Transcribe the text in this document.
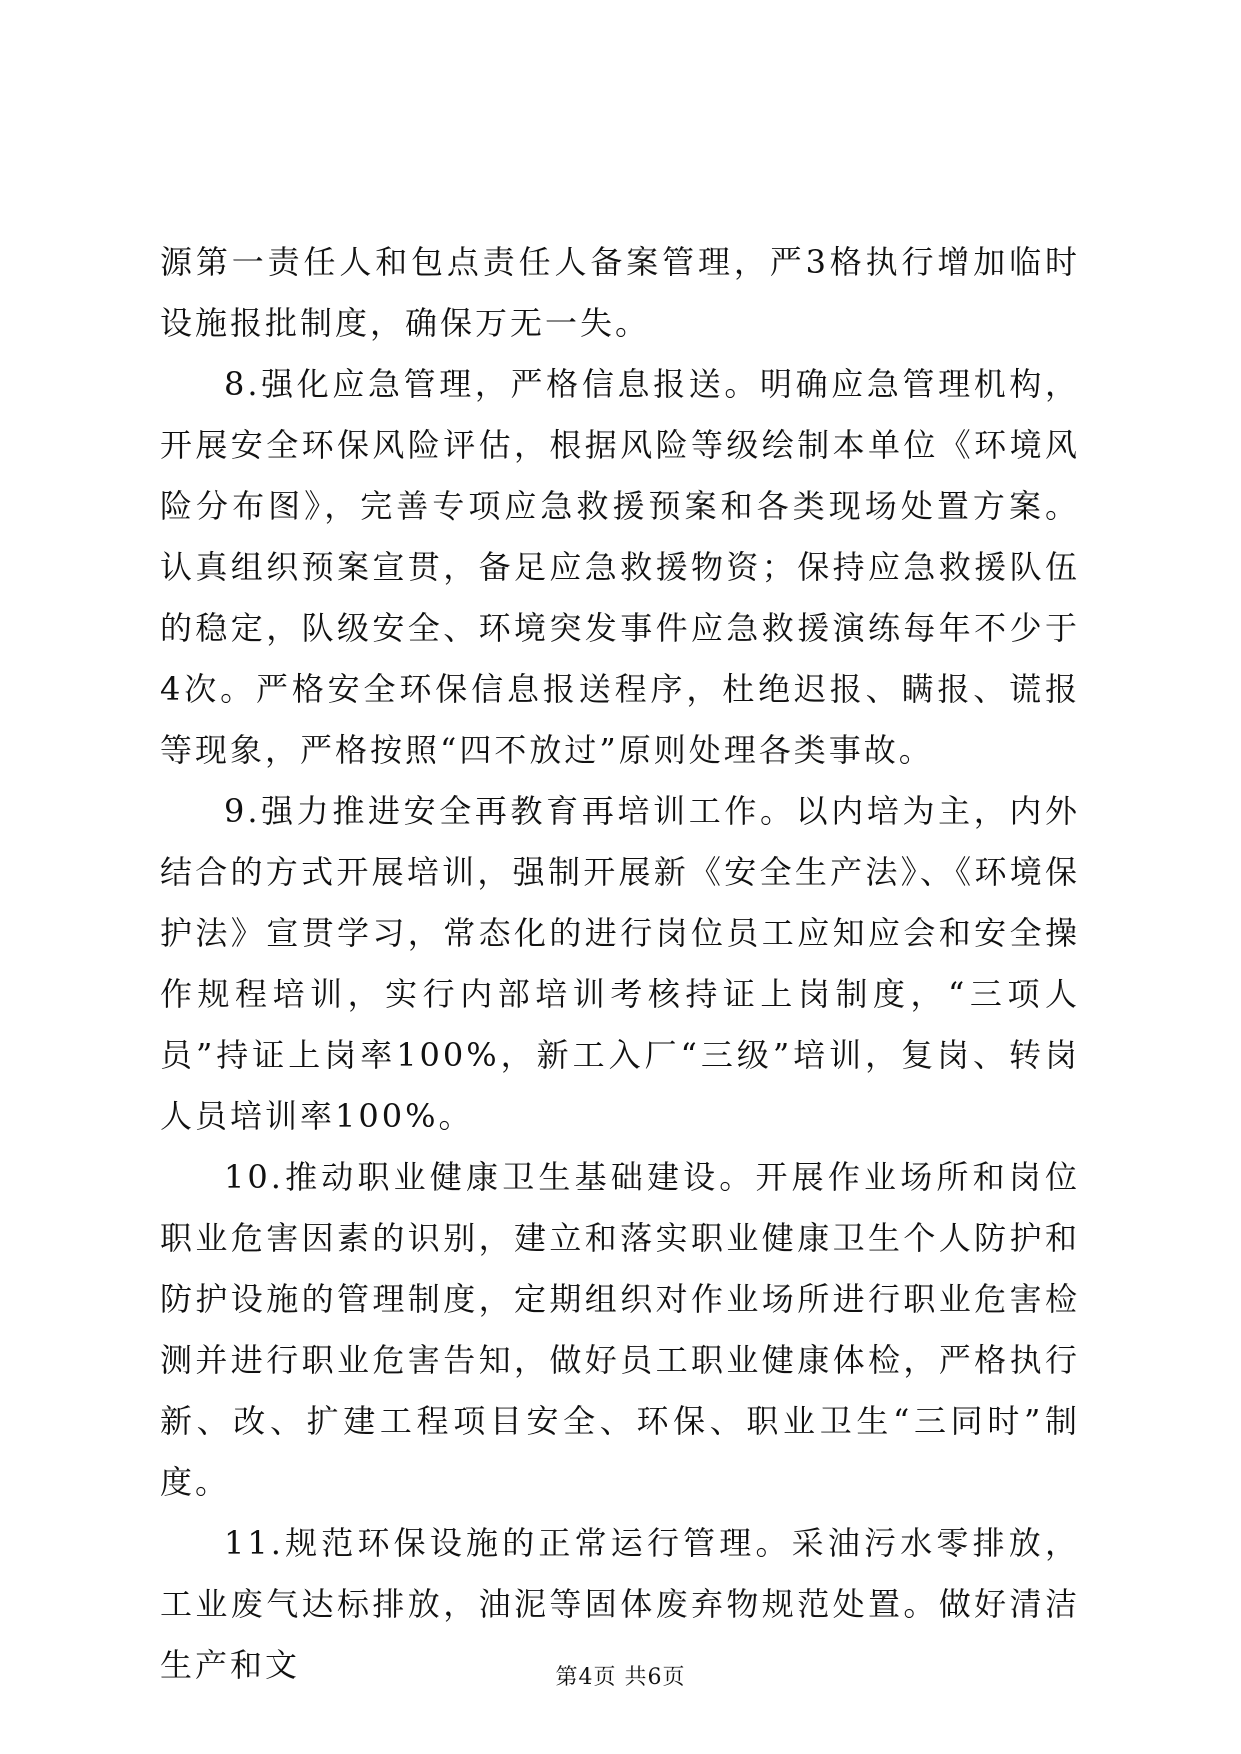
源第一责任人和包点责任人备案管理，严3格执行增加临时设施报批制度，确保万无一失。

8.强化应急管理，严格信息报送。明确应急管理机构，开展安全环保风险评估，根据风险等级绘制本单位《环境风险分布图》，完善专项应急救援预案和各类现场处置方案。认真组织预案宣贯，备足应急救援物资；保持应急救援队伍的稳定，队级安全、环境突发事件应急救援演练每年不少于4次。严格安全环保信息报送程序，杜绝迟报、瞒报、谎报等现象，严格按照“四不放过”原则处理各类事故。

9.强力推进安全再教育再培训工作。以内培为主，内外结合的方式开展培训，强制开展新《安全生产法》、《环境保护法》宣贯学习，常态化的进行岗位员工应知应会和安全操作规程培训，实行内部培训考核持证上岗制度，“三项人员”持证上岗率100%，新工入厂“三级”培训，复岗、转岗人员培训率100%。

10.推动职业健康卫生基础建设。开展作业场所和岗位职业危害因素的识别，建立和落实职业健康卫生个人防护和防护设施的管理制度，定期组织对作业场所进行职业危害检测并进行职业危害告知，做好员工职业健康体检，严格执行新、改、扩建工程项目安全、环保、职业卫生“三同时”制度。

11.规范环保设施的正常运行管理。采油污水零排放，工业废气达标排放，油泥等固体废弃物规范处置。做好清洁生产和文	第4页 共6页
